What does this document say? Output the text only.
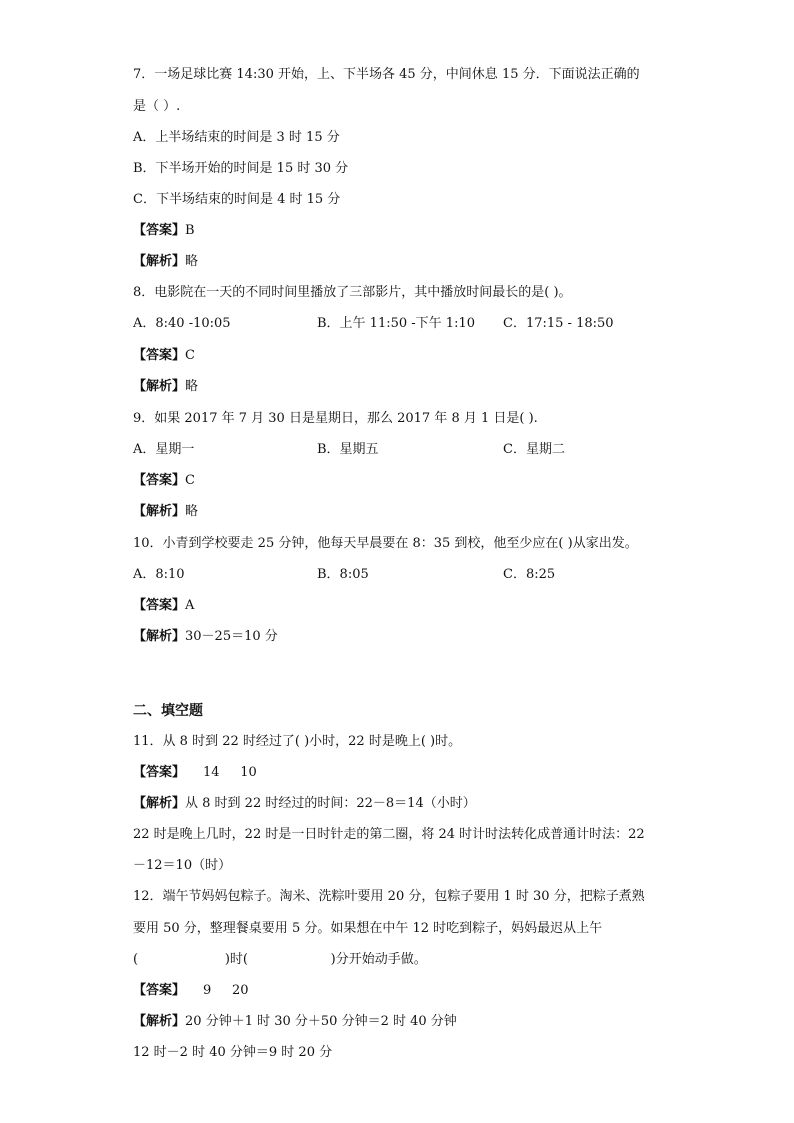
7．一场足球比赛 14:30 开始，上、下半场各 45 分，中间休息 15 分．下面说法正确的
是（ ）.
A．上半场结束的时间是 3 时 15 分
B．下半场开始的时间是 15 时 30 分
C．下半场结束的时间是 4 时 15 分
【答案】B
【解析】略
8．电影院在一天的不同时间里播放了三部影片，其中播放时间最长的是( )。
A．8:40 -10:05	B．上午 11:50 -下午 1:10 C．17:15 - 18:50
【答案】C
【解析】略
9．如果 2017 年 7 月 30 日是星期日，那么 2017 年 8 月 1 日是( ).
A．星期一	B．星期五	C．星期二
【答案】C
【解析】略
10．小青到学校要走 25 分钟，他每天早晨要在 8：35 到校，他至少应在( )从家出发。
A．8:10	B．8:05	C．8:25
【答案】A
【解析】30－25＝10 分
二、填空题
11．从 8 时到 22 时经过了( )小时，22 时是晚上( )时。
【答案】 14     10
【解析】从 8 时到 22 时经过的时间：22－8＝14（小时）
22 时是晚上几时，22 时是一日时针走的第二圈，将 24 时计时法转化成普通计时法：22
－12＝10（时）
12．端午节妈妈包粽子。淘米、洗粽叶要用 20 分，包粽子要用 1 时 30 分，把粽子煮熟
要用 50 分，整理餐桌要用 5 分。如果想在中午 12 时吃到粽子，妈妈最迟从上午
(                     )时(                    )分开始动手做。
【答案】 9     20
【解析】20 分钟＋1 时 30 分＋50 分钟＝2 时 40 分钟
12 时－2 时 40 分钟＝9 时 20 分
